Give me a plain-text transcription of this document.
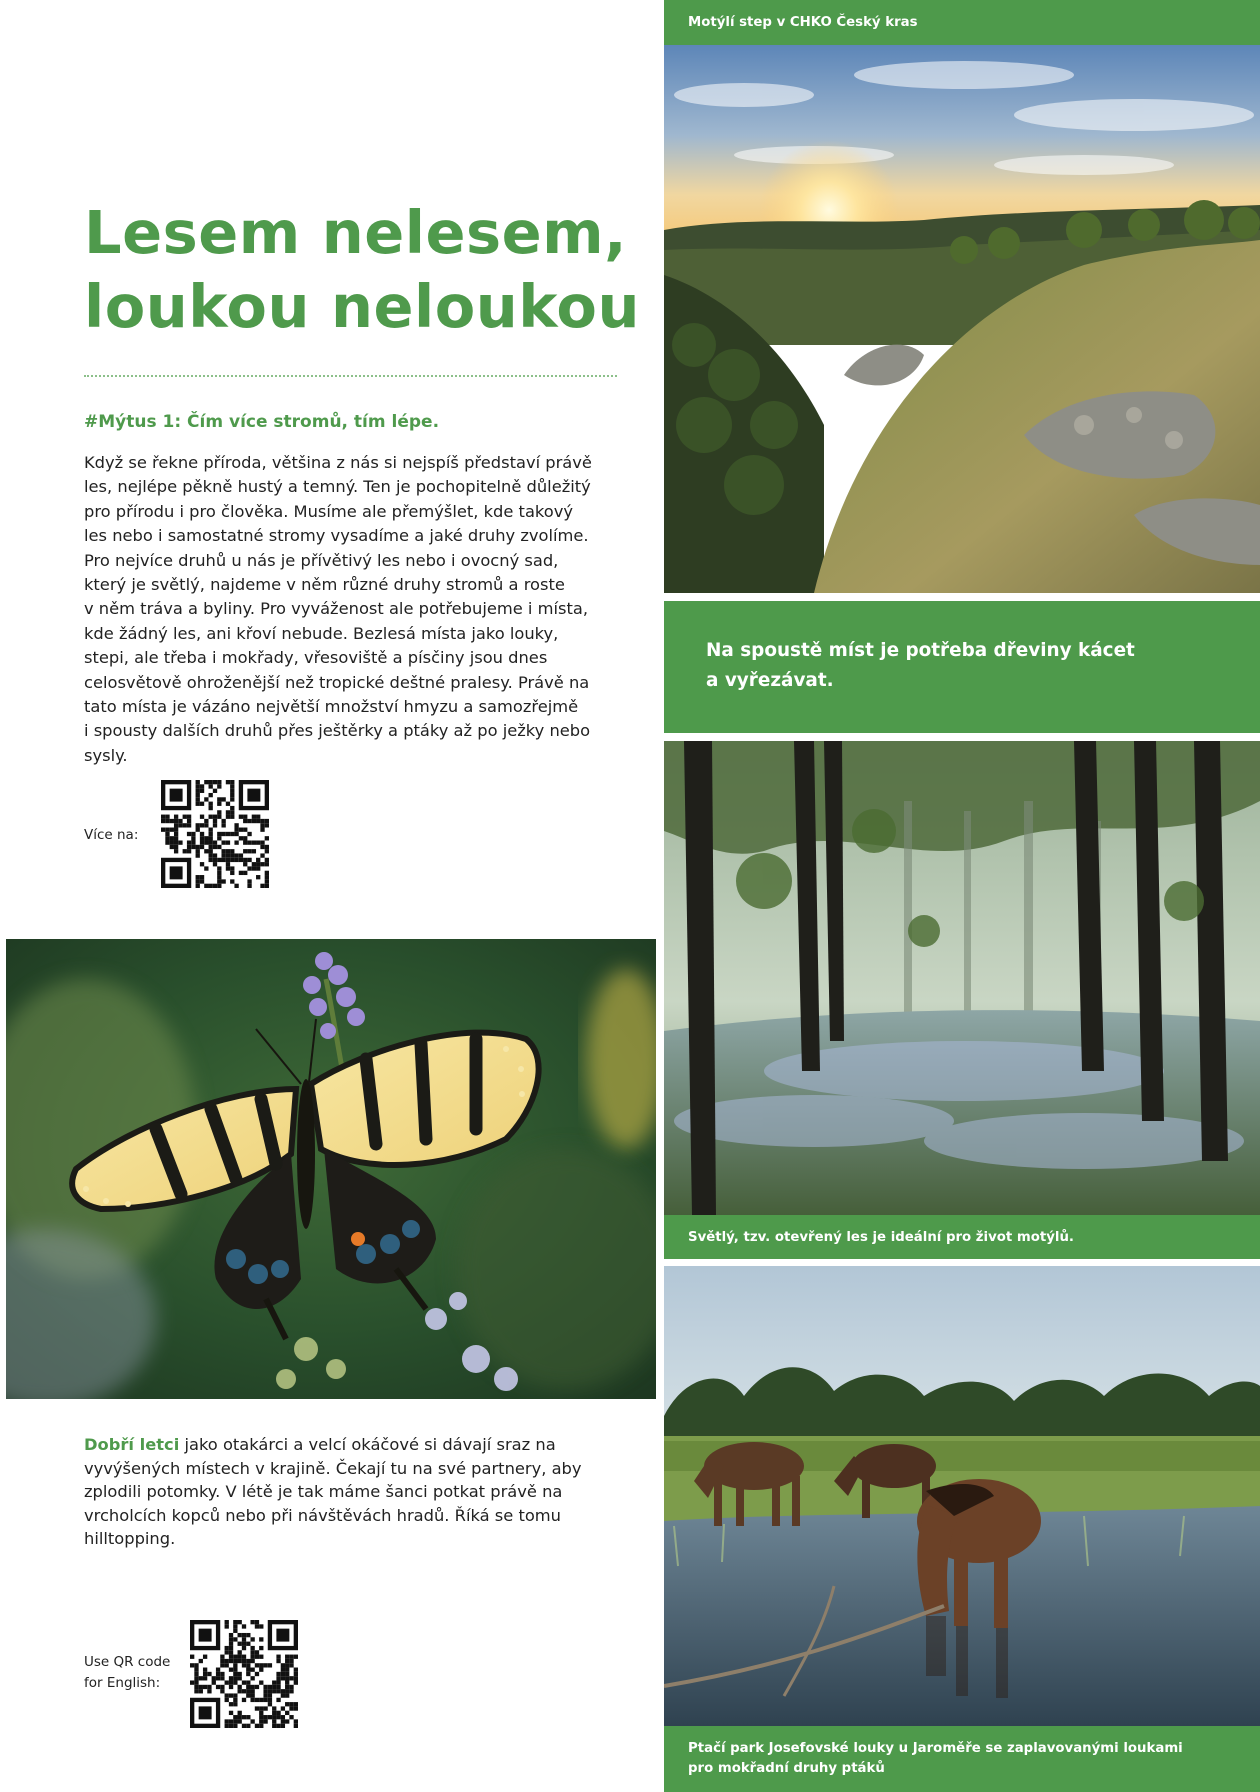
Lesem nelesem,
loukou neloukou
#Mýtus 1: Čím více stromů, tím lépe.

Když se řekne příroda, většina z nás si nejspíš představí právě
les, nejlépe pěkně hustý a temný. Ten je pochopitelně důležitý
pro přírodu i pro člověka. Musíme ale přemýšlet, kde takový
les nebo i samostatné stromy vysadíme a jaké druhy zvolíme.
Pro nejvíce druhů u nás je přívětivý les nebo i ovocný sad,
který je světlý, najdeme v něm různé druhy stromů a roste
v něm tráva a byliny. Pro vyváženost ale potřebujeme i místa,
kde žádný les, ani křoví nebude. Bezlesá místa jako louky,
stepi, ale třeba i mokřady, vřesoviště a písčiny jsou dnes
celosvětově ohroženější než tropické deštné pralesy. Právě na
tato místa je vázáno největší množství hmyzu a samozřejmě
i spousty dalších druhů přes ještěrky a ptáky až po ježky nebo
sysly.

Více na:

Dobří letci jako otakárci a velcí okáčové si dávají sraz na
vyvýšených místech v krajině. Čekají tu na své partnery, aby
zplodili potomky. V létě je tak máme šanci potkat právě na
vrcholcích kopců nebo při návštěvách hradů. Říká se tomu
hilltopping.

Use QR code
for English:
Motýlí step v CHKO Český kras

Na spoustě míst je potřeba dřeviny kácet
a vyřezávat.

Světlý, tzv. otevřený les je ideální pro život motýlů.
Ptačí park Josefovské louky u Jaroměře se zaplavovanými loukami
pro mokřadní druhy ptáků
